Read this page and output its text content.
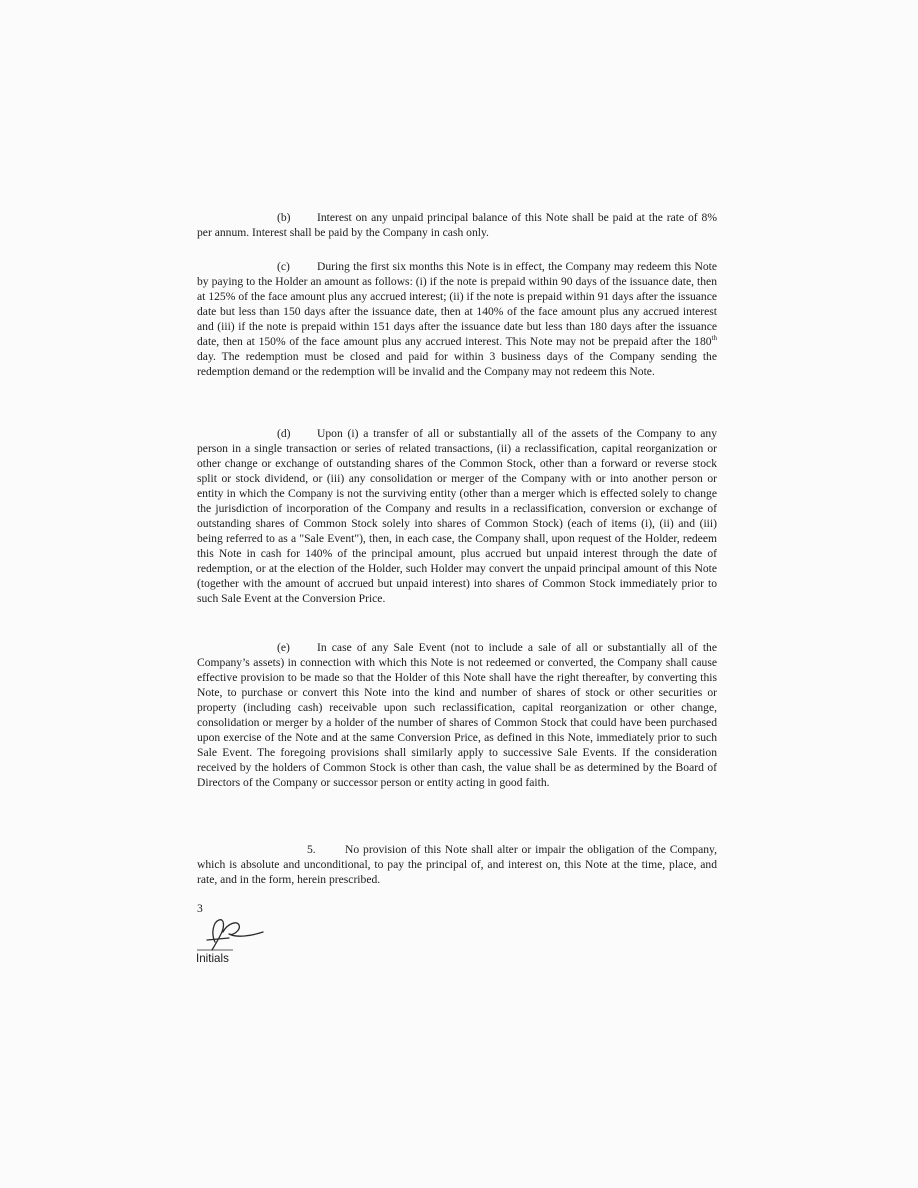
(b) Interest on any unpaid principal balance of this Note shall be paid at the rate of 8% per annum. Interest shall be paid by the Company in cash only.

(c) During the first six months this Note is in effect, the Company may redeem this Note by paying to the Holder an amount as follows: (i) if the note is prepaid within 90 days of the issuance date, then at 125% of the face amount plus any accrued interest; (ii) if the note is prepaid within 91 days after the issuance date but less than 150 days after the issuance date, then at 140% of the face amount plus any accrued interest and (iii) if the note is prepaid within 151 days after the issuance date but less than 180 days after the issuance date, then at 150% of the face amount plus any accrued interest. This Note may not be prepaid after the 180th day. The redemption must be closed and paid for within 3 business days of the Company sending the redemption demand or the redemption will be invalid and the Company may not redeem this Note.

(d) Upon (i) a transfer of all or substantially all of the assets of the Company to any person in a single transaction or series of related transactions, (ii) a reclassification, capital reorganization or other change or exchange of outstanding shares of the Common Stock, other than a forward or reverse stock split or stock dividend, or (iii) any consolidation or merger of the Company with or into another person or entity in which the Company is not the surviving entity (other than a merger which is effected solely to change the jurisdiction of incorporation of the Company and results in a reclassification, conversion or exchange of outstanding shares of Common Stock solely into shares of Common Stock) (each of items (i), (ii) and (iii) being referred to as a "Sale Event"), then, in each case, the Company shall, upon request of the Holder, redeem this Note in cash for 140% of the principal amount, plus accrued but unpaid interest through the date of redemption, or at the election of the Holder, such Holder may convert the unpaid principal amount of this Note (together with the amount of accrued but unpaid interest) into shares of Common Stock immediately prior to such Sale Event at the Conversion Price.

(e) In case of any Sale Event (not to include a sale of all or substantially all of the Company’s assets) in connection with which this Note is not redeemed or converted, the Company shall cause effective provision to be made so that the Holder of this Note shall have the right thereafter, by converting this Note, to purchase or convert this Note into the kind and number of shares of stock or other securities or property (including cash) receivable upon such reclassification, capital reorganization or other change, consolidation or merger by a holder of the number of shares of Common Stock that could have been purchased upon exercise of the Note and at the same Conversion Price, as defined in this Note, immediately prior to such Sale Event. The foregoing provisions shall similarly apply to successive Sale Events. If the consideration received by the holders of Common Stock is other than cash, the value shall be as determined by the Board of Directors of the Company or successor person or entity acting in good faith.

5.	No provision of this Note shall alter or impair the obligation of the Company, which is absolute and unconditional, to pay the principal of, and interest on, this Note at the time, place, and rate, and in the form, herein prescribed.

3
Initials
